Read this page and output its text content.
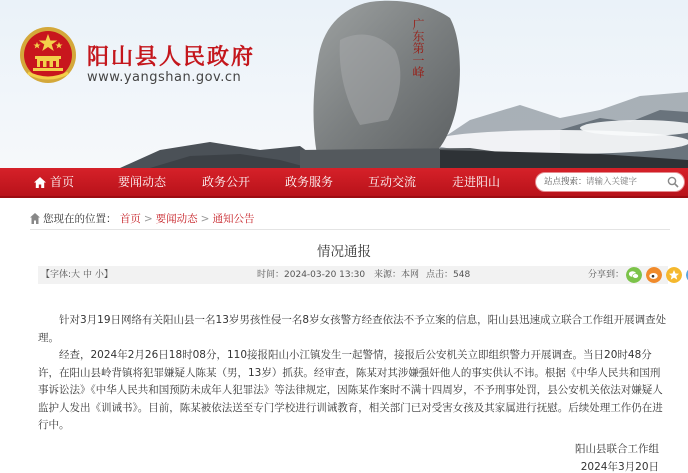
广东第一峰
阳山县人民政府
www.yangshan.gov.cn
首页	要闻动态	政务公开	政务服务	互动交流	走进阳山	站点搜索：
请输入关键字
您现在的位置： 首页 > 要闻动态 > 通知公告
情况通报
【字体:大 中 小】	时间：2024-03-20 13:30 来源：本网 点击：548	分享到：

针对3月19日网络有关阳山县一名13岁男孩性侵一名8岁女孩警方经查依法不予立案的信息，阳山县迅速成立联合工作组开展调查处理。

经查，2024年2月26日18时08分，110接报阳山小江镇发生一起警情，接报后公安机关立即组织警力开展调查。当日20时48分许，在阳山县岭背镇将犯罪嫌疑人陈某（男，13岁）抓获。经审查，陈某对其涉嫌强奸他人的事实供认不讳。根据《中华人民共和国刑事诉讼法》《中华人民共和国预防未成年人犯罪法》等法律规定，因陈某作案时不满十四周岁，不予刑事处罚，县公安机关依法对嫌疑人监护人发出《训诫书》。目前，陈某被依法送至专门学校进行训诫教育，相关部门已对受害女孩及其家属进行抚慰。后续处理工作仍在进行中。

阳山县联合工作组
2024年3月20日
